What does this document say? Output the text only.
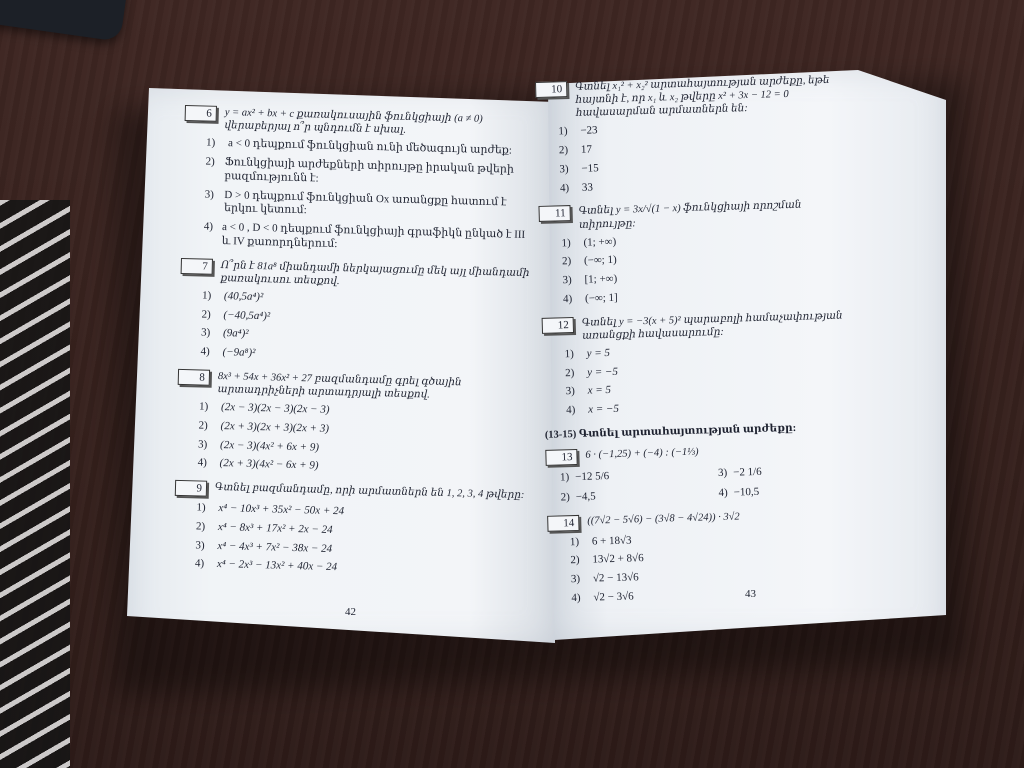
6	y = ax² + bx + c քառակուսային ֆունկցիայի (a ≠ 0) վերաբերյալ ո՞ր պնդումն է սխալ.
1)	a < 0 դեպքում ֆունկցիան ունի մեծագույն արժեք:
2) Ֆունկցիայի արժեքների տիրույթը իրական թվերի բազմությունն է:
3) D > 0 դեպքում ֆունկցիան Ox առանցքը հատում է երկու կետում:
4) a < 0 , D < 0 դեպքում ֆունկցիայի գրաֆիկն ընկած է III և IV քառորդներում:
7	Ո՞րն է 81a⁸ միանդամի ներկայացումը մեկ այլ միանդամի քառակուսու տեսքով.
1)	(40,5a⁴)²
2)	(−40,5a⁴)²
3)	(9a⁴)²
4)	(−9a⁸)²
8	8x³ + 54x + 36x² + 27 բազմանդամը գրել գծային արտադրիչների արտադրյալի տեսքով.
1)	(2x − 3)(2x − 3)(2x − 3)
2)	(2x + 3)(2x + 3)(2x + 3)
3)	(2x − 3)(4x² + 6x + 9)
4)	(2x + 3)(4x² − 6x + 9)
9	Գտնել բազմանդամը, որի արմատներն են 1, 2, 3, 4 թվերը:
1)	x⁴ − 10x³ + 35x² − 50x + 24
2)	x⁴ − 8x³ + 17x² + 2x − 24
3)	x⁴ − 4x³ + 7x² − 38x − 24
4)	x⁴ − 2x³ − 13x² + 40x − 24
42
10	Գտնել x₁² + x₂² արտահայտության արժեքը, եթե հայտնի է, որ x₁ և x₂ թվերը x² + 3x − 12 = 0 հավասարման արմատներն են:
1)	−23
2)	17
3)	−15
4)	33
11	Գտնել y = 3x/√(1 − x) ֆունկցիայի որոշման տիրույթը:
1)	(1; +∞)
2)	(−∞; 1)
3)	[1; +∞)
4)	(−∞; 1]
12	Գտնել y = −3(x + 5)² պարաբոլի համաչափության առանցքի հավասարումը:
1)	y = 5
2)	y = −5
3)	x = 5
4)	x = −5
(13-15) Գտնել արտահայտության արժեքը:
13	6 · (−1,25) + (−4) : (−1⅓)
1) −12 5/6	3) −2 1/6
2) −4,5	4) −10,5
14	((7√2 − 5√6) − (3√8 − 4√24)) · 3√2
1)	6 + 18√3
2)	13√2 + 8√6
3)	√2 − 13√6
4)	√2 − 3√6	43
